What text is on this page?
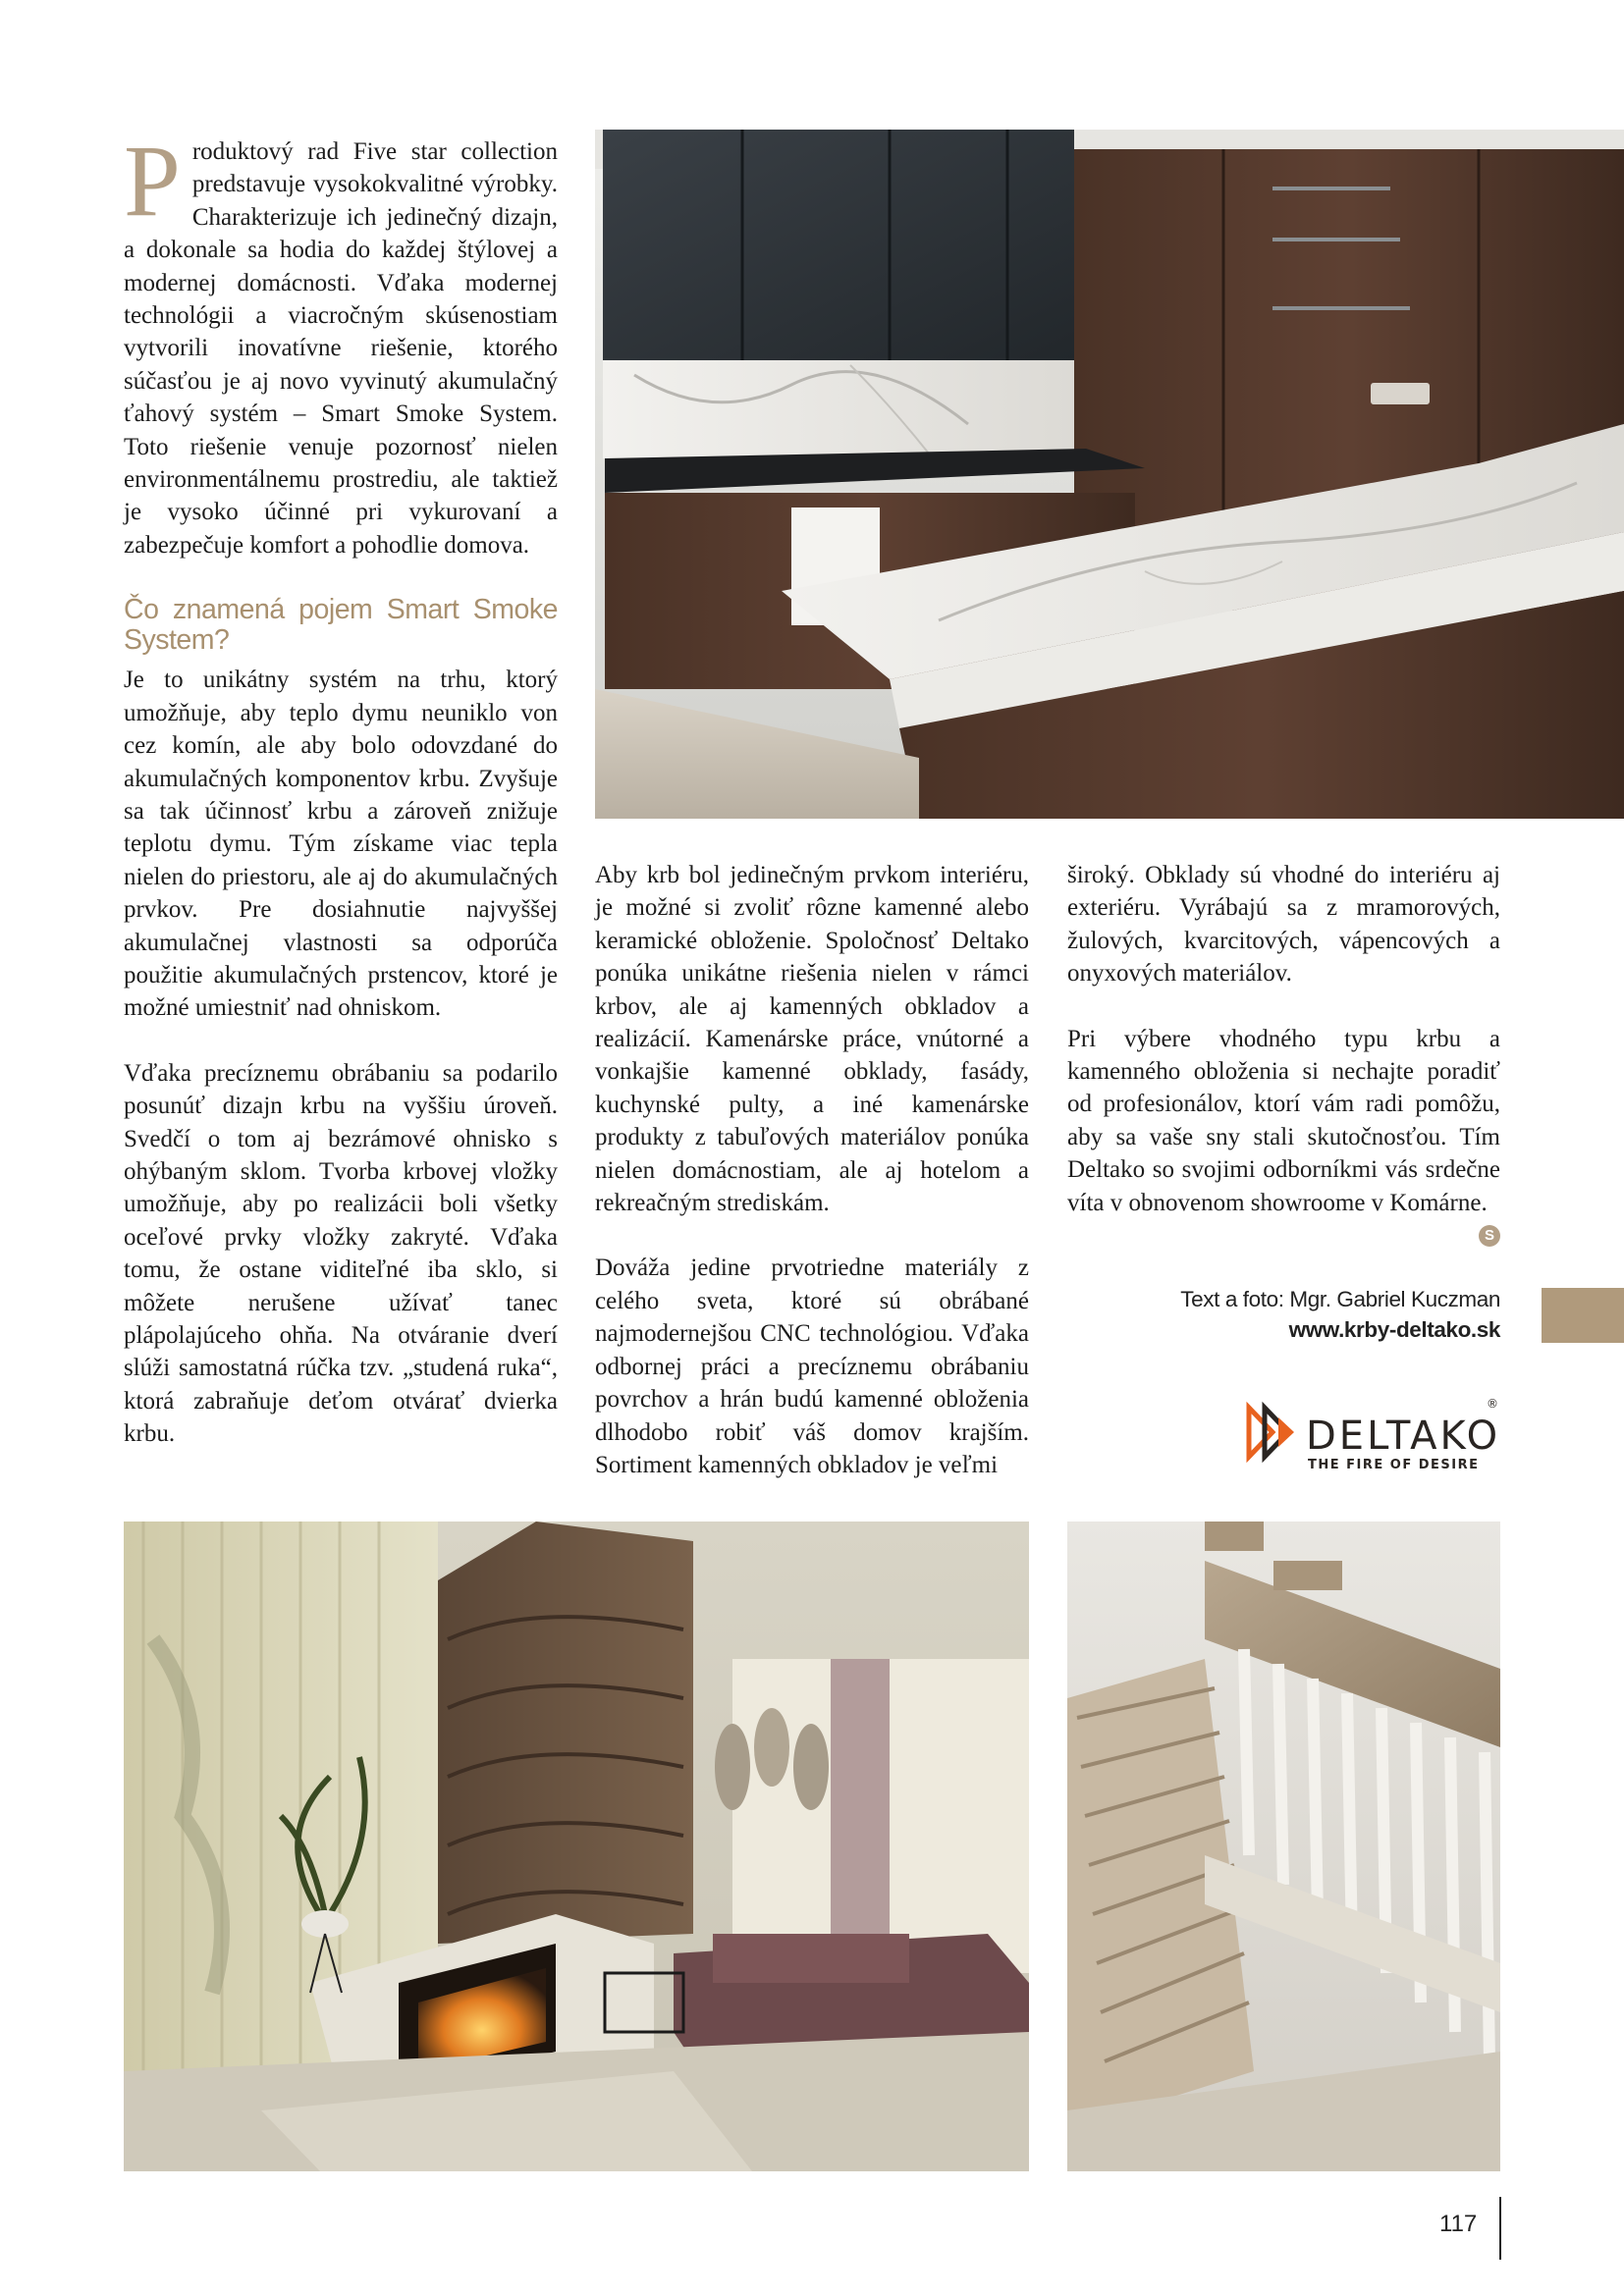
Produktový rad Five star collection predstavuje vysokokvalitné výrobky. Charakterizuje ich jedinečný dizajn, a dokonale sa hodia do každej štýlovej a modernej domácnosti. Vďaka modernej technológii a viacročným skúsenostiam vytvorili inovatívne riešenie, ktorého súčasťou je aj novo vyvinutý akumulačný ťahový systém – Smart Smoke System. Toto riešenie venuje pozornosť nielen environmentálnemu prostrediu, ale taktiež je vysoko účinné pri vykurovaní a zabezpečuje komfort a pohodlie domova.

Čo znamená pojem Smart Smoke System?

Je to unikátny systém na trhu, ktorý umožňuje, aby teplo dymu neuniklo von cez komín, ale aby bolo odovzdané do akumulačných komponentov krbu. Zvyšuje sa tak účinnosť krbu a zároveň znižuje teplotu dymu. Tým získame viac tepla nielen do priestoru, ale aj do akumulačných prvkov. Pre dosiahnutie najvyššej akumulačnej vlastnosti sa odporúča použitie akumulačných prstencov, ktoré je možné umiestniť nad ohniskom.

Vďaka precíznemu obrábaniu sa podarilo posunúť dizajn krbu na vyššiu úroveň. Svedčí o tom aj bezrámové ohnisko s ohýbaným sklom. Tvorba krbovej vložky umožňuje, aby po realizácii boli všetky oceľové prvky vložky zakryté. Vďaka tomu, že ostane viditeľné iba sklo, si môžete nerušene užívať tanec plápolajúceho ohňa. Na otváranie dverí slúži samostatná rúčka tzv. „studená ruka“, ktorá zabraňuje deťom otvárať dvierka krbu.

Aby krb bol jedinečným prvkom interiéru, je možné si zvoliť rôzne kamenné alebo keramické obloženie. Spoločnosť Deltako ponúka unikátne riešenia nielen v rámci krbov, ale aj kamenných obkladov a realizácií. Kamenárske práce, vnútorné a vonkajšie kamenné obklady, fasády, kuchynské pulty, a iné kamenárske produkty z tabuľových materiálov ponúka nielen domácnostiam, ale aj hotelom a rekreačným strediskám.

Dováža jedine prvotriedne materiály z celého sveta, ktoré sú obrábané najmodernejšou CNC technológiou. Vďaka odbornej práci a precíznemu obrábaniu povrchov a hrán budú kamenné obloženia dlhodobo robiť váš domov krajším. Sortiment kamenných obkladov je veľmi

široký. Obklady sú vhodné do interiéru aj exteriéru. Vyrábajú sa z mramorových, žulových, kvarcitových, vápencových a onyxových materiálov.

Pri výbere vhodného typu krbu a kamenného obloženia si nechajte poradiť od profesionálov, ktorí vám radi pomôžu, aby sa vaše sny stali skutočnosťou. Tím Deltako so svojimi odborníkmi vás srdečne víta v obnovenom showroome v Komárne.
S

Text a foto: Mgr. Gabriel Kuczman
www.krby-deltako.sk
DELTAKO
®
THE FIRE OF DESIRE
117
